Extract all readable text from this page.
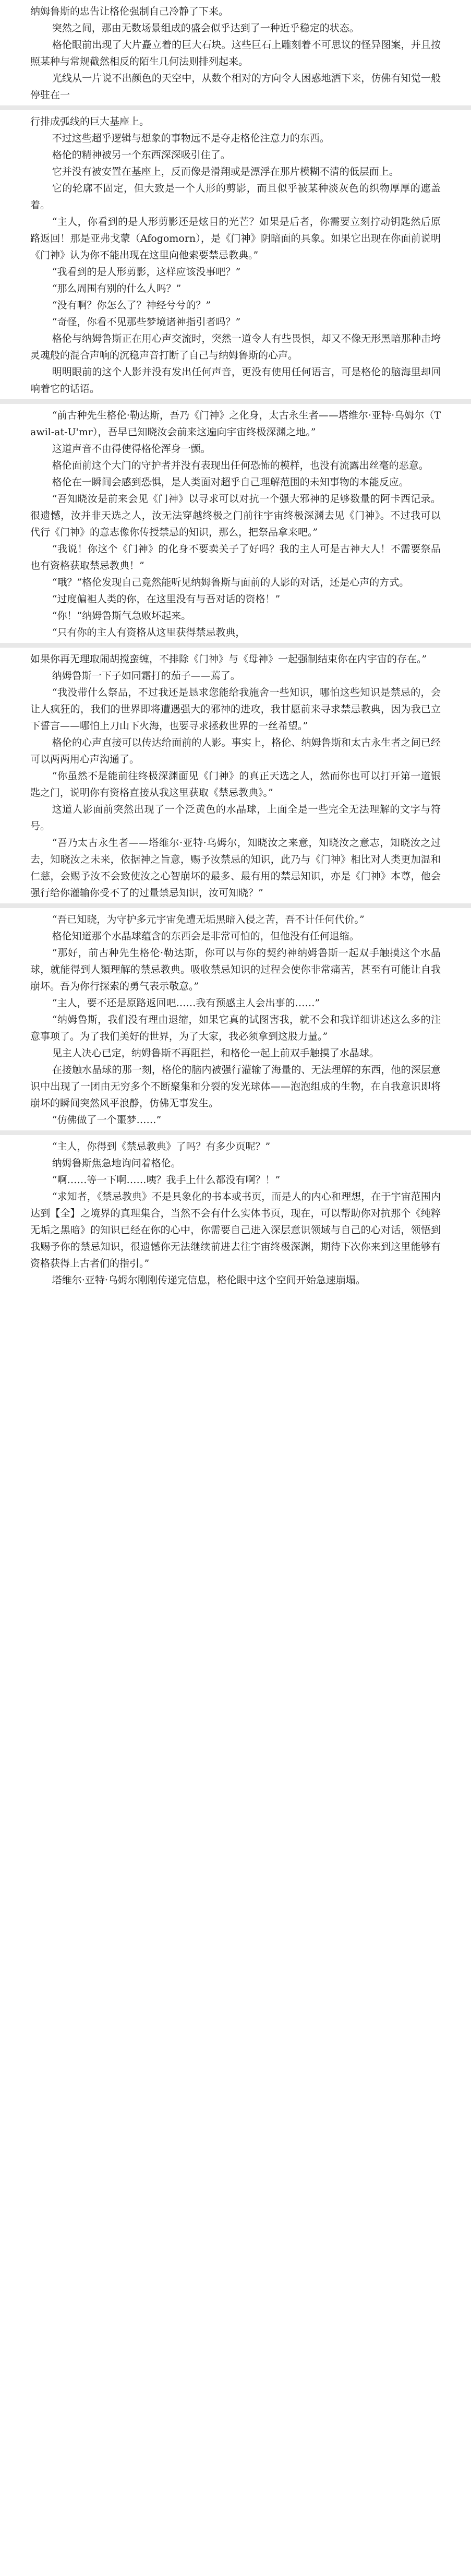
纳姆鲁斯的忠告让格伦强制自己冷静了下来。

突然之间，那由无数场景组成的盛会似乎达到了一种近乎稳定的状态。

格伦眼前出现了大片矗立着的巨大石块。这些巨石上雕刻着不可思议的怪异图案，并且按照某种与常规截然相反的陌生几何法则排列起来。

光线从一片说不出颜色的天空中，从数个相对的方向令人困惑地洒下来，仿佛有知觉一般停驻在一

行排成弧线的巨大基座上。

不过这些超乎逻辑与想象的事物远不是夺走格伦注意力的东西。

格伦的精神被另一个东西深深吸引住了。

它并没有被安置在基座上，反而像是滑翔或是漂浮在那片模糊不清的低层面上。

它的轮廓不固定，但大致是一个人形的剪影，而且似乎被某种淡灰色的织物厚厚的遮盖着。

“主人，你看到的是人形剪影还是炫目的光芒？如果是后者，你需要立刻拧动钥匙然后原路返回！那是亚弗戈蒙（Afogomorn），是《门神》阴暗面的具象。如果它出现在你面前说明《门神》认为你不能出现在这里向他索要禁忌教典。”

“我看到的是人形剪影，这样应该没事吧？”

“那么周围有别的什么人吗？”

“没有啊？你怎么了？神经兮兮的？”

“奇怪，你看不见那些梦境诸神指引者吗？”

格伦与纳姆鲁斯正在用心声交流时，突然一道令人有些畏惧，却又不像无形黑暗那种击垮灵魂般的混合声响的沉稳声音打断了自己与纳姆鲁斯的心声。

明明眼前的这个人影并没有发出任何声音，更没有使用任何语言，可是格伦的脑海里却回响着它的话语。

“前古种先生格伦·勒达斯，吾乃《门神》之化身，太古永生者——塔维尔·亚特·乌姆尔（Tawil-at-U'mr），吾早已知晓汝会前来这遍向宇宙终极深渊之地。”

这道声音不由得使得格伦浑身一颤。

格伦面前这个大门的守护者并没有表现出任何恐怖的模样，也没有流露出丝毫的恶意。

格伦在一瞬间会感到恐惧，是人类面对超乎自己理解范围的未知事物的本能反应。

“吾知晓汝是前来会见《门神》以寻求可以对抗一个强大邪神的足够数量的阿卡西记录。很遗憾，汝并非天选之人，汝无法穿越终极之门前往宇宙终极深渊去见《门神》。不过我可以代行《门神》的意志像你传授禁忌的知识，那么，把祭品拿来吧。”

“我说！你这个《门神》的化身不要卖关子了好吗？我的主人可是古神大人！不需要祭品也有资格获取禁忌教典！”

“哦？”格伦发现自己竟然能听见纳姆鲁斯与面前的人影的对话，还是心声的方式。

“过度偏袒人类的你，在这里没有与吾对话的资格！”

“你！”纳姆鲁斯气急败坏起来。

“只有你的主人有资格从这里获得禁忌教典，

如果你再无理取闹胡搅蛮缠，不排除《门神》与《母神》一起强制结束你在内宇宙的存在。”

纳姆鲁斯一下子如同霜打的茄子——蔫了。

“我没带什么祭品，不过我还是恳求您能给我施舍一些知识，哪怕这些知识是禁忌的，会让人疯狂的，我们的世界即将遭遇强大的邪神的进攻，我甘愿前来寻求禁忌教典，因为我已立下誓言——哪怕上刀山下火海，也要寻求拯救世界的一丝希望。”

格伦的心声直接可以传达给面前的人影。事实上，格伦、纳姆鲁斯和太古永生者之间已经可以两两用心声沟通了。

“你虽然不是能前往终极深渊面见《门神》的真正天选之人，然而你也可以打开第一道银匙之门，说明你有资格直接从我这里获取《禁忌教典》。”

这道人影面前突然出现了一个泛黄色的水晶球，上面全是一些完全无法理解的文字与符号。

“吾乃太古永生者——塔维尔·亚特·乌姆尔，知晓汝之来意，知晓汝之意志，知晓汝之过去，知晓汝之未来，依据神之旨意，赐予汝禁忌的知识，此乃与《门神》相比对人类更加温和仁慈，会赐予汝不会致使汝之心智崩坏的最多、最有用的禁忌知识，亦是《门神》本尊，他会强行给你灌输你受不了的过量禁忌知识，汝可知晓？”

“吾已知晓，为守护多元宇宙免遭无垢黑暗入侵之苦，吾不计任何代价。”

格伦知道那个水晶球蕴含的东西会是非常可怕的，但他没有任何退缩。

“那好，前古种先生格伦·勒达斯，你可以与你的契约神纳姆鲁斯一起双手触摸这个水晶球，就能得到人類理解的禁忌教典。吸收禁忌知识的过程会使你非常痛苦，甚至有可能让自我崩坏。吾为你行探索的勇气表示敬意。”

“主人，要不还是原路返回吧……我有预感主人会出事的……”

“纳姆鲁斯，我们没有理由退缩，如果它真的试图害我，就不会和我详细讲述这么多的注意事项了。为了我们美好的世界，为了大家，我必须拿到这股力量。”

见主人决心已定，纳姆鲁斯不再阻拦，和格伦一起上前双手触摸了水晶球。

在接触水晶球的那一刻，格伦的脑内被强行灌输了海量的、无法理解的东西，他的深层意识中出现了一团由无穷多个不断聚集和分裂的发光球体——泡泡组成的生物，在自我意识即将崩坏的瞬间突然风平浪静，仿佛无事发生。

“仿佛做了一个噩梦……”

“主人，你得到《禁忌教典》了吗？有多少页呢？”

纳姆鲁斯焦急地询问着格伦。

“啊……等一下啊……咦？我手上什么都没有啊？！”

“求知者，《禁忌教典》不是具象化的书本或书页，而是人的内心和理想，在于宇宙范围内达到【全】之境界的真理集合，当然不会有什么实体书页，现在，可以帮助你对抗那个《纯粹无垢之黑暗》的知识已经在你的心中，你需要自己进入深层意识领域与自己的心对话，领悟到我赐予你的禁忌知识，很遗憾你无法继续前进去往宇宙终极深渊，期待下次你来到这里能够有资格获得上古者们的指引。”

塔维尔·亚特·乌姆尔刚刚传递完信息，格伦眼中这个空间开始急速崩塌。
